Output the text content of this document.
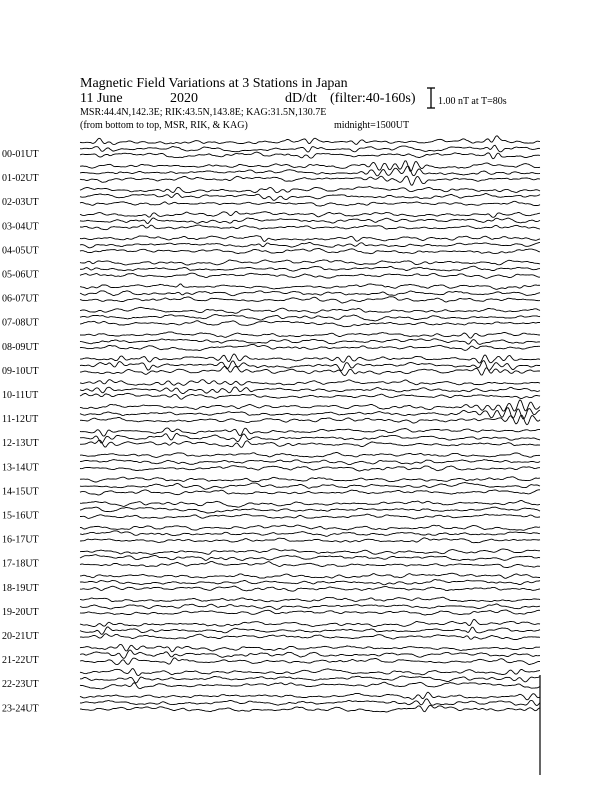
Magnetic Field Variations at 3 Stations in Japan
11 June	2020	dD/dt (filter:40-160s)
MSR:44.4N,142.3E; RIK:43.5N,143.8E; KAG:31.5N,130.7E
(from bottom to top, MSR, RIK, & KAG)	midnight=1500UT
1.00 nT at T=80s
00-01UT
01-02UT
02-03UT
03-04UT
04-05UT
05-06UT
06-07UT
07-08UT
08-09UT
09-10UT
10-11UT
11-12UT
12-13UT
13-14UT
14-15UT
15-16UT
16-17UT
17-18UT
18-19UT
19-20UT
20-21UT
21-22UT
22-23UT
23-24UT
